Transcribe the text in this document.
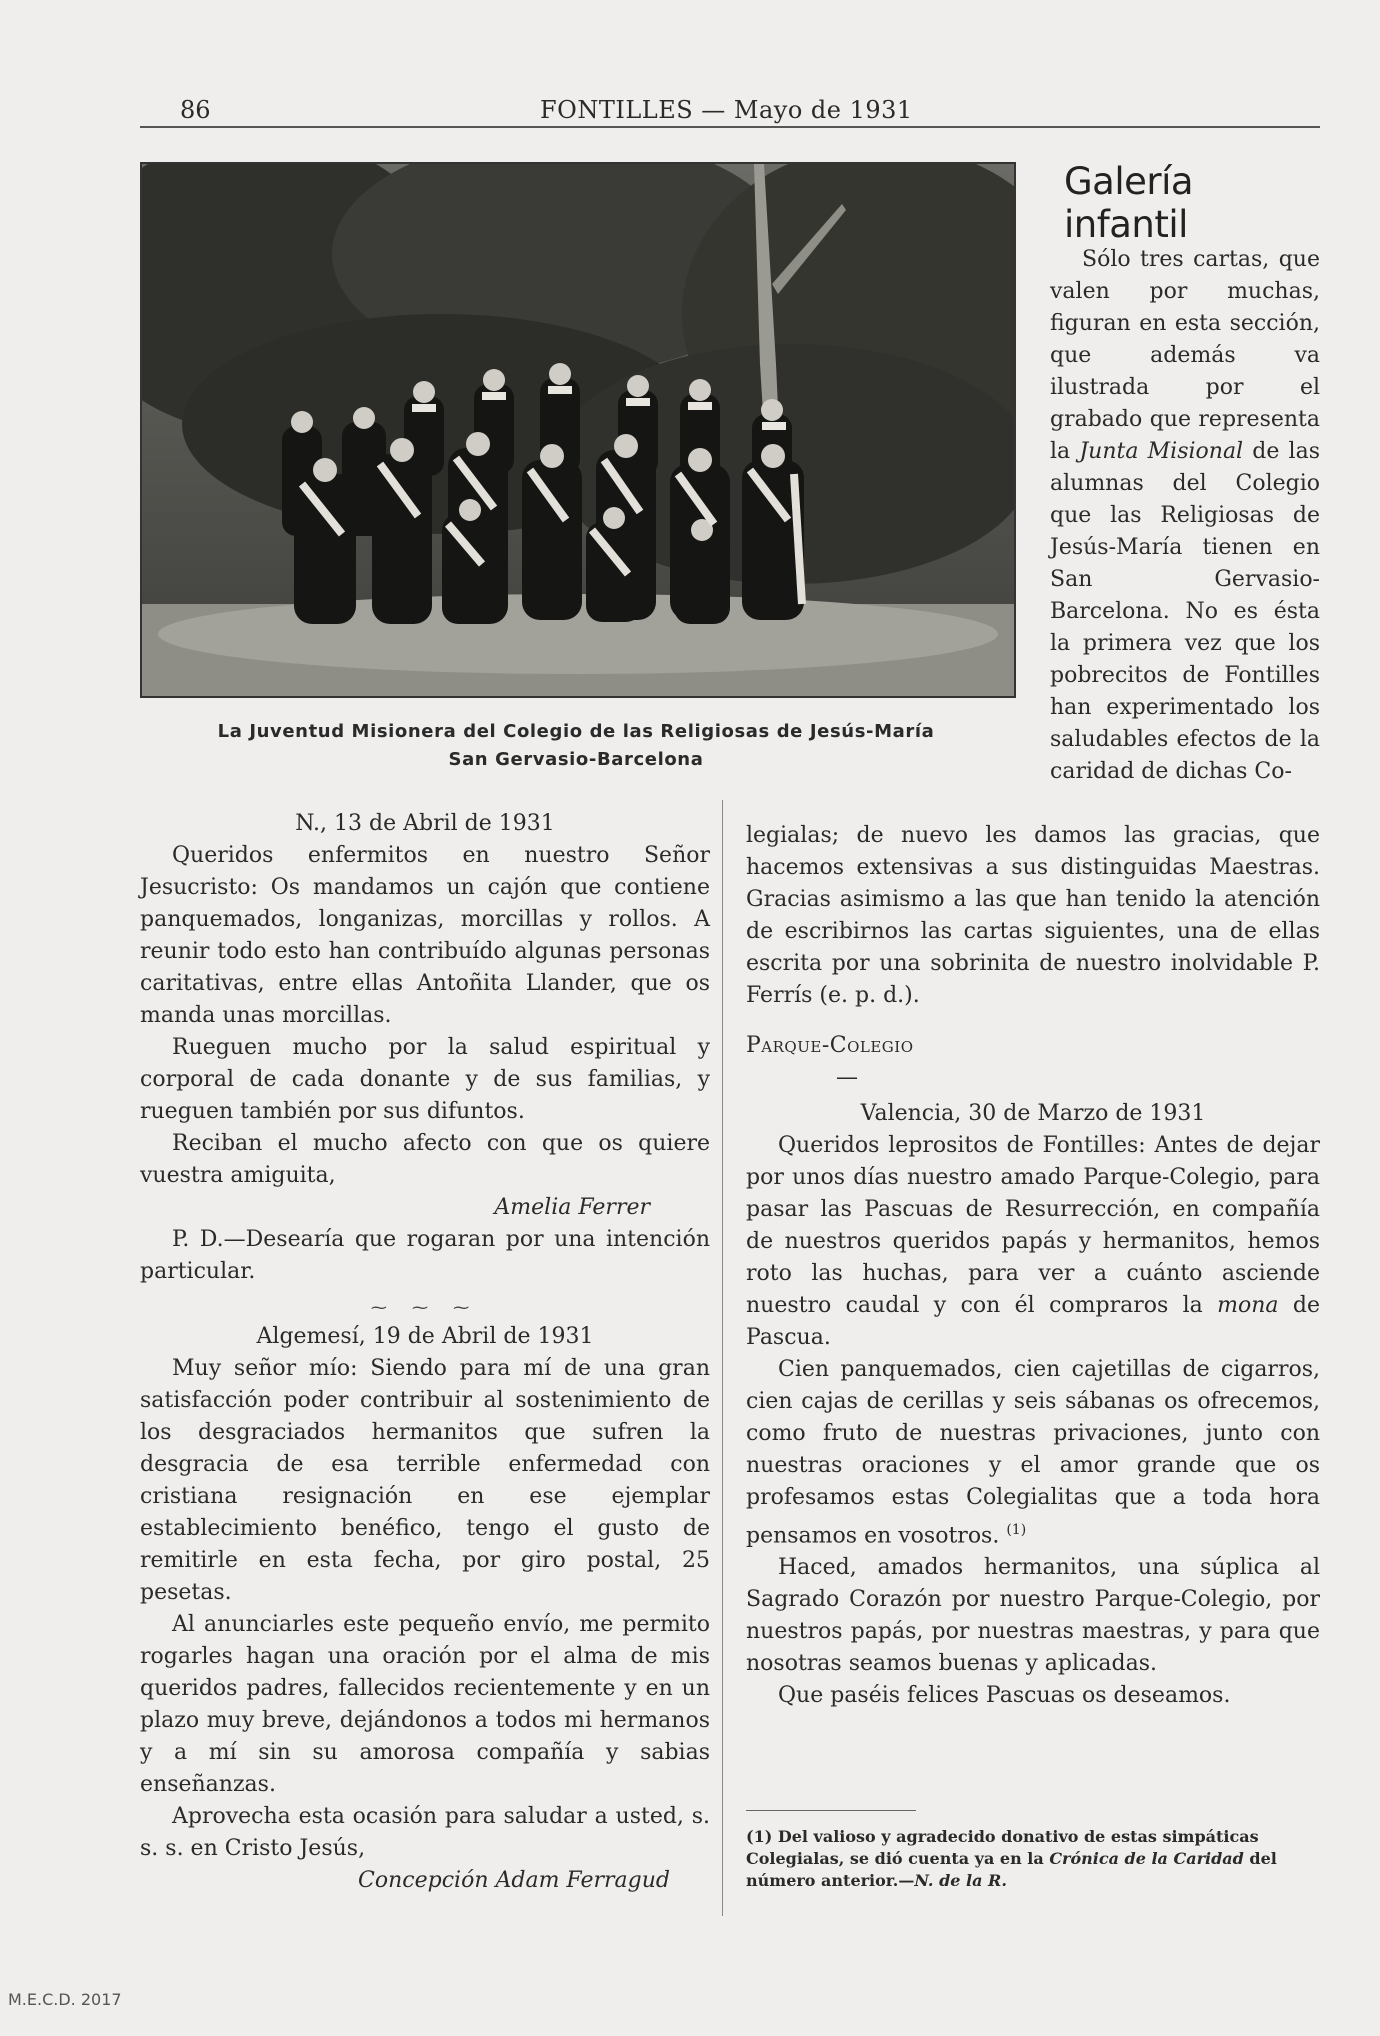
86	FONTILLES — Mayo de 1931
La Juventud Misionera del Colegio de las Religiosas de Jesús-María
San Gervasio-Barcelona
Galería infantil

Sólo tres cartas, que valen por muchas, figuran en esta sección, que además va ilustrada por el grabado que representa la Junta Misional de las alumnas del Colegio que las Religiosas de Jesús-María tienen en San Gervasio-Barcelona. No es ésta la primera vez que los pobrecitos de Fontilles han experimentado los saludables efectos de la caridad de dichas Co-

N., 13 de Abril de 1931

Queridos enfermitos en nuestro Señor Jesucristo: Os mandamos un cajón que contiene panquemados, longanizas, morcillas y rollos. A reunir todo esto han contribuído algunas personas caritativas, entre ellas Antoñita Llander, que os manda unas morcillas.

Rueguen mucho por la salud espiritual y corporal de cada donante y de sus familias, y rueguen también por sus difuntos.

Reciban el mucho afecto con que os quiere vuestra amiguita,

Amelia Ferrer

P. D.—Desearía que rogaran por una intención particular.

⁓ ⁓ ⁓

Algemesí, 19 de Abril de 1931

Muy señor mío: Siendo para mí de una gran satisfacción poder contribuir al sostenimiento de los desgraciados hermanitos que sufren la desgracia de esa terrible enfermedad con cristiana resignación en ese ejemplar establecimiento benéfico, tengo el gusto de remitirle en esta fecha, por giro postal, 25 pesetas.

Al anunciarles este pequeño envío, me permito rogarles hagan una oración por el alma de mis queridos padres, fallecidos recientemente y en un plazo muy breve, dejándonos a todos mi hermanos y a mí sin su amorosa compañía y sabias enseñanzas.

Aprovecha esta ocasión para saludar a usted, s. s. s. en Cristo Jesús,

Concepción Adam Ferragud

legialas; de nuevo les damos las gracias, que hacemos extensivas a sus distinguidas Maestras. Gracias asimismo a las que han tenido la atención de escribirnos las cartas siguientes, una de ellas escrita por una sobrinita de nuestro inolvidable P. Ferrís (e. p. d.).

Parque-Colegio

—

Valencia, 30 de Marzo de 1931

Queridos leprositos de Fontilles: Antes de dejar por unos días nuestro amado Parque-Colegio, para pasar las Pascuas de Resurrección, en compañía de nuestros queridos papás y hermanitos, hemos roto las huchas, para ver a cuánto asciende nuestro caudal y con él compraros la mona de Pascua.

Cien panquemados, cien cajetillas de cigarros, cien cajas de cerillas y seis sábanas os ofrecemos, como fruto de nuestras privaciones, junto con nuestras oraciones y el amor grande que os profesamos estas Colegialitas que a toda hora pensamos en vosotros. $^{(1)}$

Haced, amados hermanitos, una súplica al Sagrado Corazón por nuestro Parque-Colegio, por nuestros papás, por nuestras maestras, y para que nosotras seamos buenas y aplicadas.

Que paséis felices Pascuas os deseamos.

(1) Del valioso y agradecido donativo de estas simpáticas Colegialas, se dió cuenta ya en la Crónica de la Caridad del número anterior.—N. de la R.
M.E.C.D. 2017
